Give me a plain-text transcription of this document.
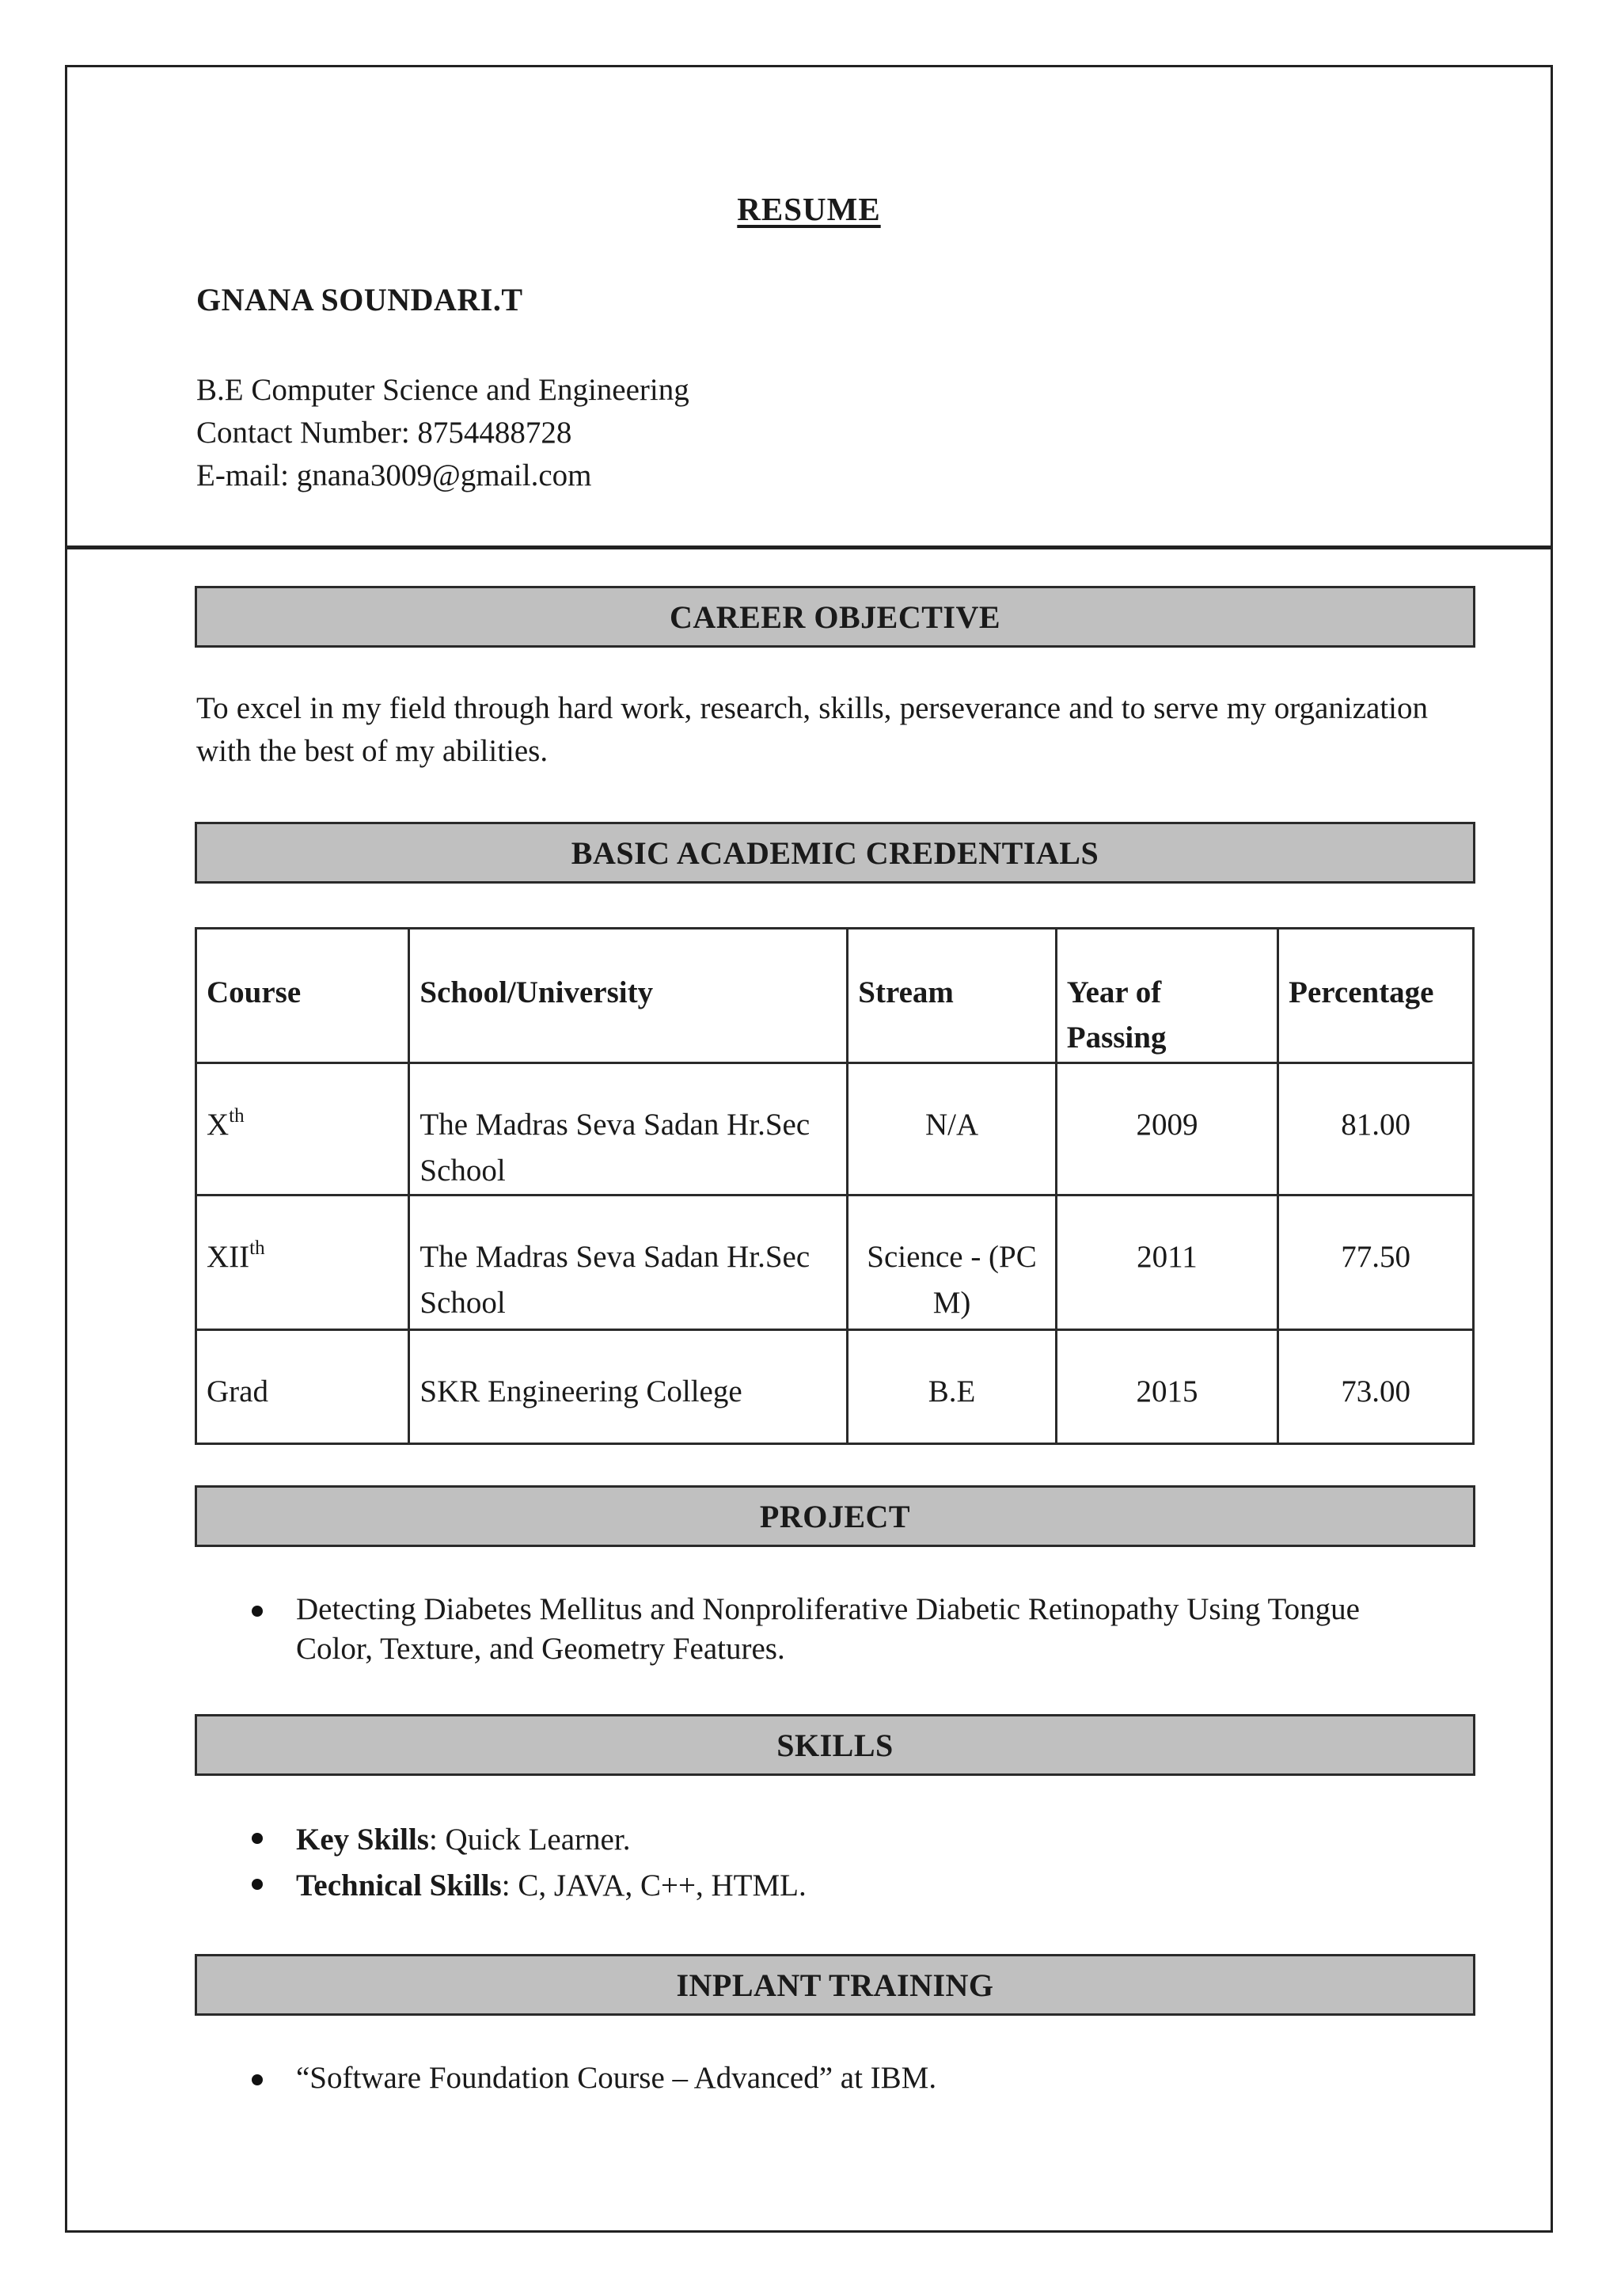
RESUME
GNANA SOUNDARI.T
B.E Computer Science and Engineering
Contact Number: 8754488728
E-mail: gnana3009@gmail.com
CAREER OBJECTIVE
To excel in my field through hard work, research, skills, perseverance and to serve my organization with the best of my abilities.
BASIC ACADEMIC CREDENTIALS
Course	School/University	Stream	Year of Passing	Percentage
Xth	The Madras Seva Sadan Hr.Sec School	N/A	2009	81.00
XIIth	The Madras Seva Sadan Hr.Sec School	Science - (PC M)	2011	77.50
Grad	SKR Engineering College	B.E	2015	73.00
PROJECT
Detecting Diabetes Mellitus and Nonproliferative Diabetic Retinopathy Using Tongue Color, Texture, and Geometry Features.
SKILLS
Key Skills: Quick Learner.
Technical Skills: C, JAVA, C++, HTML.
INPLANT TRAINING
“Software Foundation Course – Advanced” at IBM.
